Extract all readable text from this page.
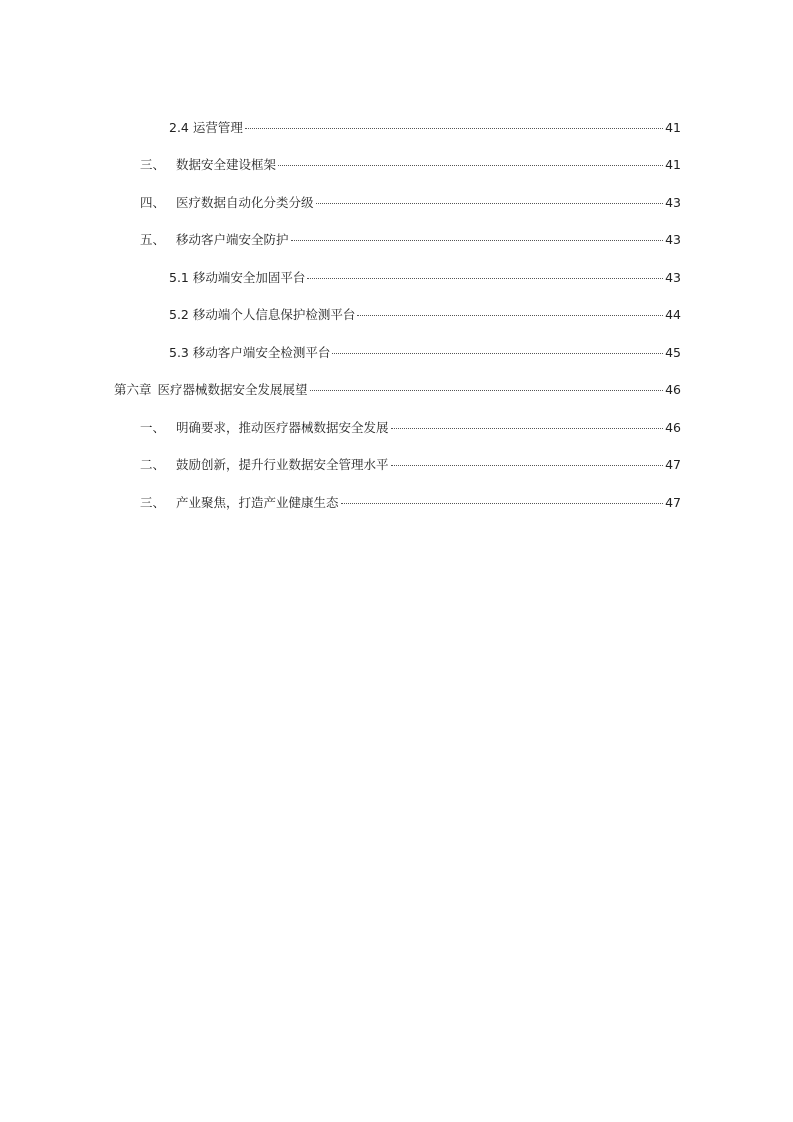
2.4 运营管理	41
三、 数据安全建设框架	41
四、 医疗数据自动化分类分级	43
五、 移动客户端安全防护	43
5.1 移动端安全加固平台	43
5.2 移动端个人信息保护检测平台	44
5.3 移动客户端安全检测平台	45
第六章 医疗器械数据安全发展展望	46
一、 明确要求，推动医疗器械数据安全发展	46
二、 鼓励创新，提升行业数据安全管理水平	47
三、 产业聚焦，打造产业健康生态	47
